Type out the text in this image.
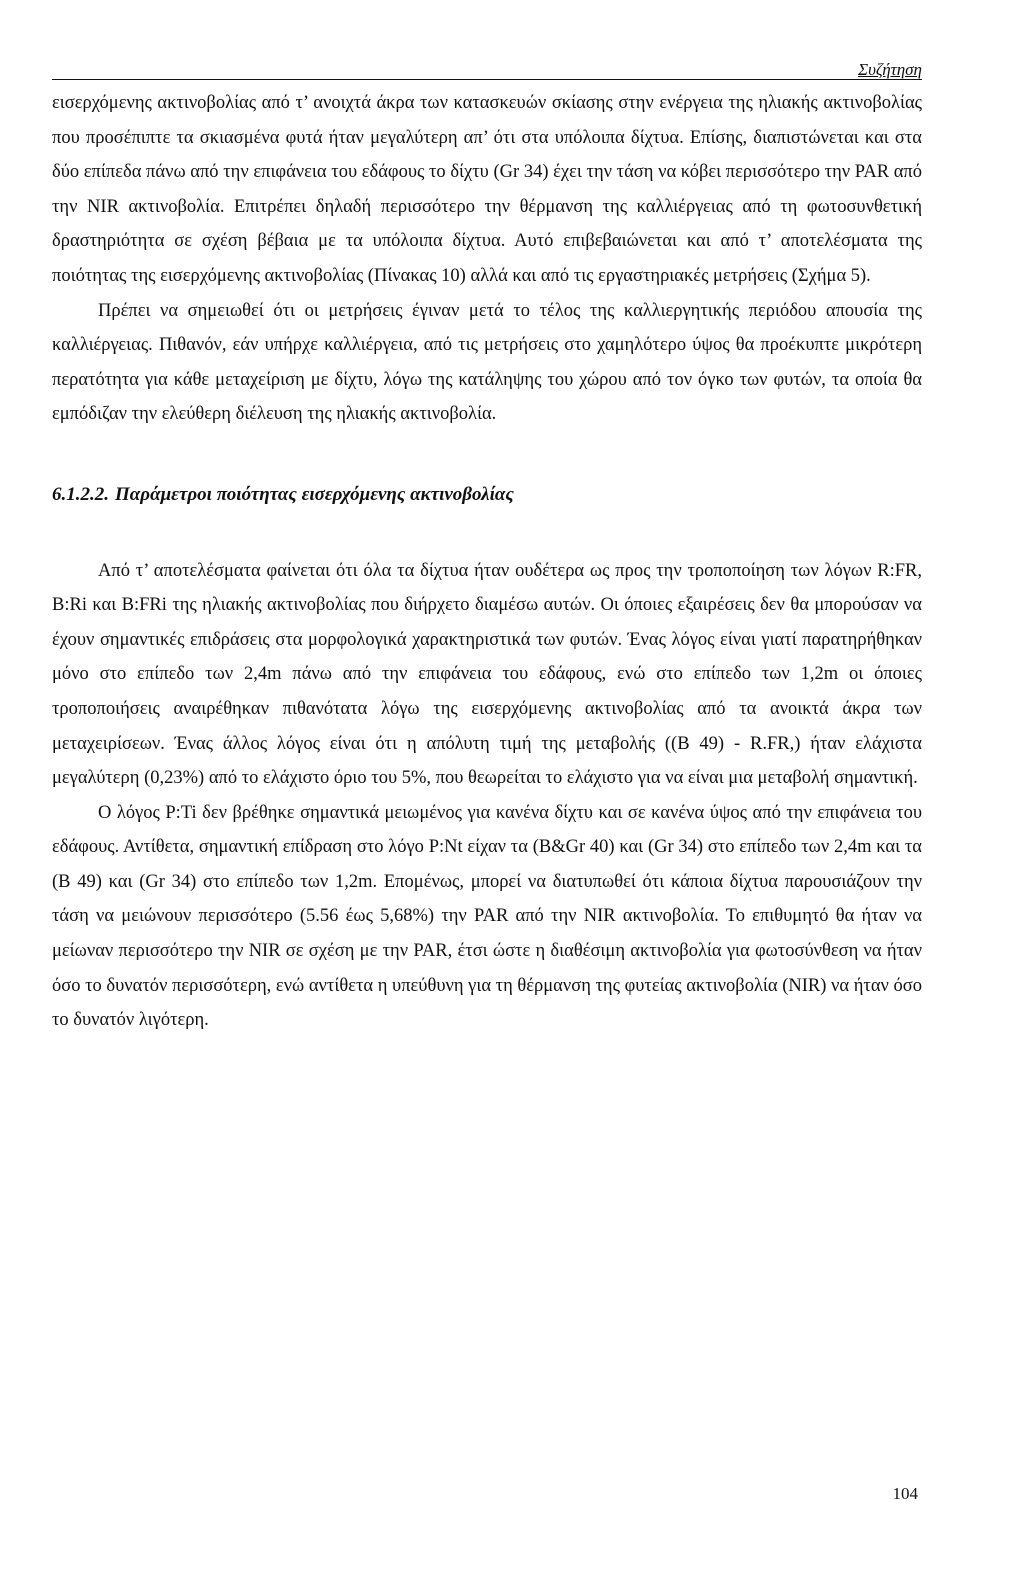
Συζήτηση

εισερχόμενης ακτινοβολίας από τ’ ανοιχτά άκρα των κατασκευών σκίασης στην ενέργεια της ηλιακής ακτινοβολίας που προσέπιπτε τα σκιασμένα φυτά ήταν μεγαλύτερη απ’ ότι στα υπόλοιπα δίχτυα. Επίσης, διαπιστώνεται και στα δύο επίπεδα πάνω από την επιφάνεια του εδάφους το δίχτυ (Gr 34) έχει την τάση να κόβει περισσότερο την PAR από την NIR ακτινοβολία. Επιτρέπει δηλαδή περισσότερο την θέρμανση της καλλιέργειας από τη φωτοσυνθετική δραστηριότητα σε σχέση βέβαια με τα υπόλοιπα δίχτυα. Αυτό επιβεβαιώνεται και από τ’ αποτελέσματα της ποιότητας της εισερχόμενης ακτινοβολίας (Πίνακας 10) αλλά και από τις εργαστηριακές μετρήσεις (Σχήμα 5).

Πρέπει να σημειωθεί ότι οι μετρήσεις έγιναν μετά το τέλος της καλλιεργητικής περιόδου απουσία της καλλιέργειας. Πιθανόν, εάν υπήρχε καλλιέργεια, από τις μετρήσεις στο χαμηλότερο ύψος θα προέκυπτε μικρότερη περατότητα για κάθε μεταχείριση με δίχτυ, λόγω της κατάληψης του χώρου από τον όγκο των φυτών, τα οποία θα εμπόδιζαν την ελεύθερη διέλευση της ηλιακής ακτινοβολία.

6.1.2.2. Παράμετροι ποιότητας εισερχόμενης ακτινοβολίας

Από τ’ αποτελέσματα φαίνεται ότι όλα τα δίχτυα ήταν ουδέτερα ως προς την τροποποίηση των λόγων R:FR, B:Ri και B:FRi της ηλιακής ακτινοβολίας που διήρχετο διαμέσω αυτών. Οι όποιες εξαιρέσεις δεν θα μπορούσαν να έχουν σημαντικές επιδράσεις στα μορφολογικά χαρακτηριστικά των φυτών. Ένας λόγος είναι γιατί παρατηρήθηκαν μόνο στο επίπεδο των 2,4m πάνω από την επιφάνεια του εδάφους, ενώ στο επίπεδο των 1,2m οι όποιες τροποποιήσεις αναιρέθηκαν πιθανότατα λόγω της εισερχόμενης ακτινοβολίας από τα ανοικτά άκρα των μεταχειρίσεων. Ένας άλλος λόγος είναι ότι η απόλυτη τιμή της μεταβολής ((B 49) - R.FR,) ήταν ελάχιστα μεγαλύτερη (0,23%) από το ελάχιστο όριο του 5%, που θεωρείται το ελάχιστο για να είναι μια μεταβολή σημαντική.

Ο λόγος P:Ti δεν βρέθηκε σημαντικά μειωμένος για κανένα δίχτυ και σε κανένα ύψος από την επιφάνεια του εδάφους. Αντίθετα, σημαντική επίδραση στο λόγο P:Nt είχαν τα (B&Gr 40) και (Gr 34) στο επίπεδο των 2,4m και τα (B 49) και (Gr 34) στο επίπεδο των 1,2m. Επομένως, μπορεί να διατυπωθεί ότι κάποια δίχτυα παρουσιάζουν την τάση να μειώνουν περισσότερο (5.56 έως 5,68%) την PAR από την NIR ακτινοβολία. Το επιθυμητό θα ήταν να μείωναν περισσότερο την NIR σε σχέση με την PAR, έτσι ώστε η διαθέσιμη ακτινοβολία για φωτοσύνθεση να ήταν όσο το δυνατόν περισσότερη, ενώ αντίθετα η υπεύθυνη για τη θέρμανση της φυτείας ακτινοβολία (NIR) να ήταν όσο το δυνατόν λιγότερη.

104
